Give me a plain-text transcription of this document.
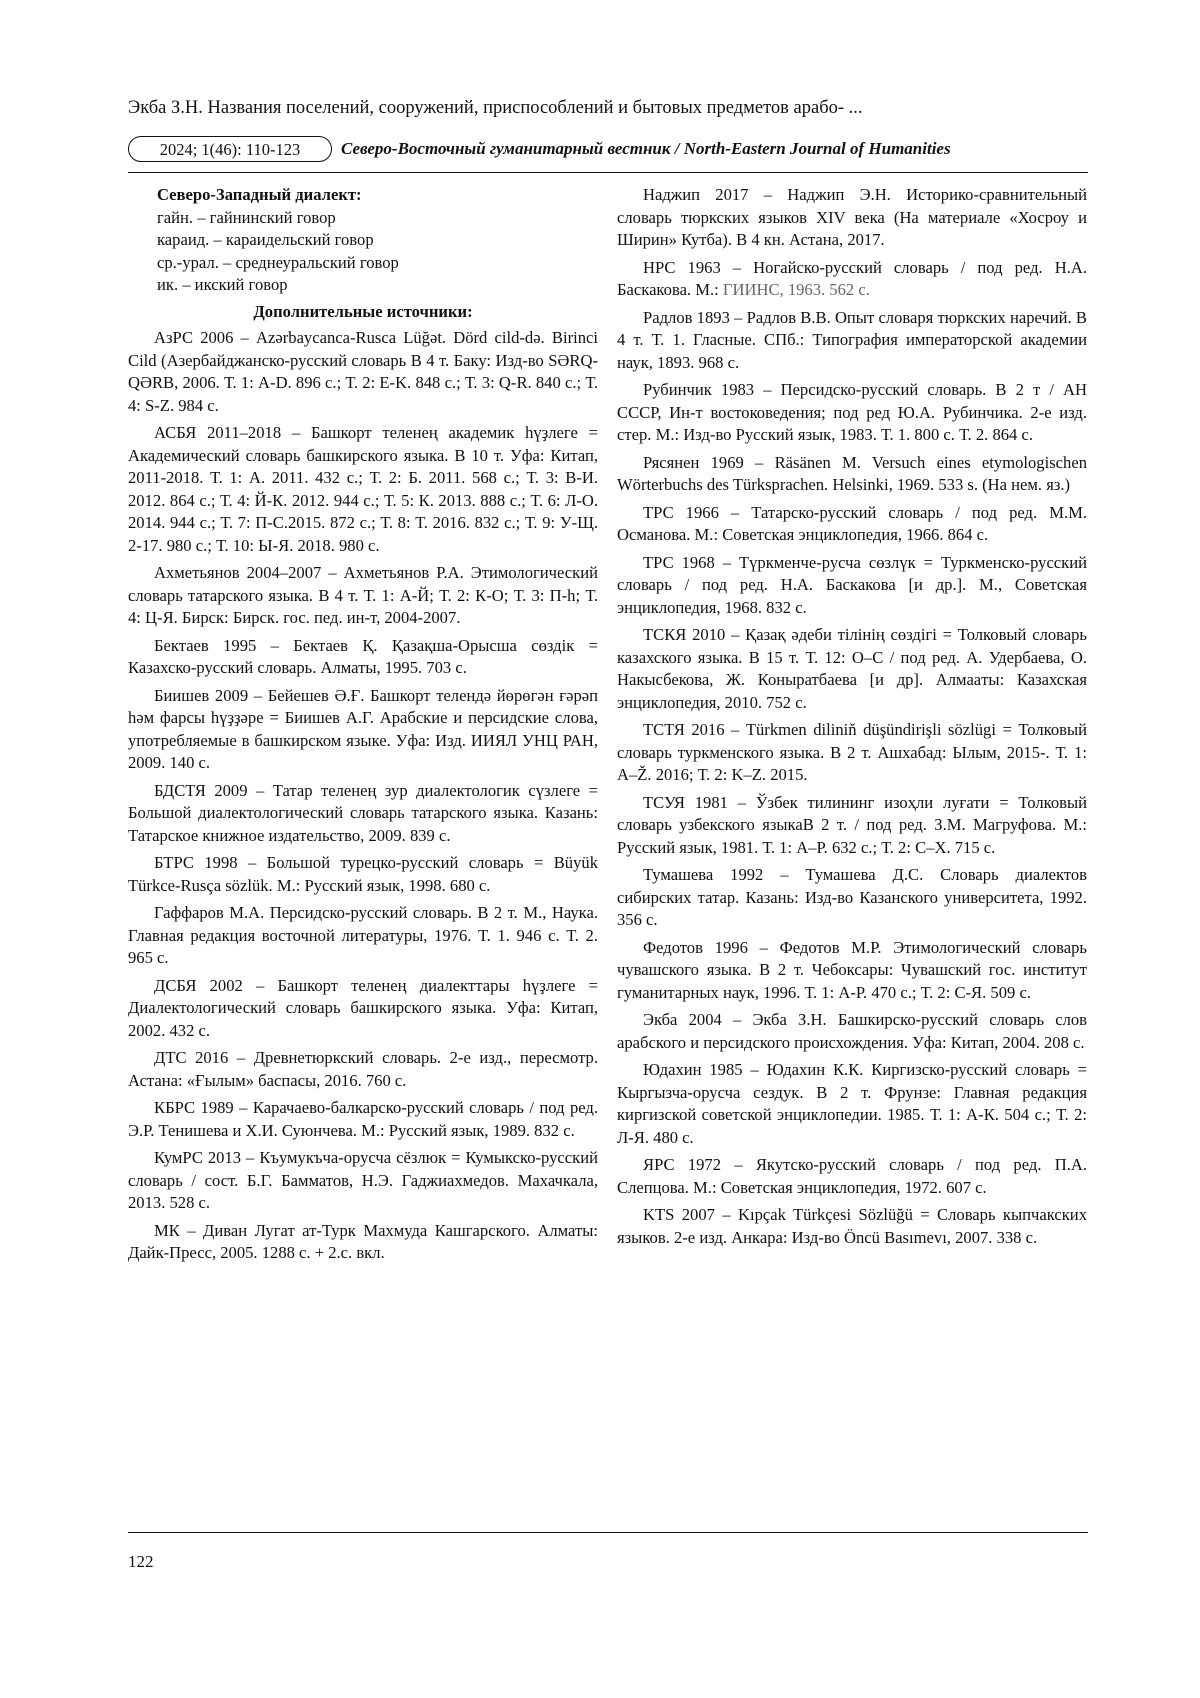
Экба З.Н. Названия поселений, сооружений, приспособлений и бытовых предметов арабо- ...
2024; 1(46): 110-123	Северо-Восточный гуманитарный вестник / North-Eastern Journal of Humanities
Северо-Западный диалект:
гайн. – гайнинский говор
караид. – караидельский говор
ср.-урал. – среднеуральский говор
ик. – икский говор
Дополнительные источники:

АзРС 2006 – Azərbaycanca-Rusca Lüğət. Dörd cild-də. Birinci Cild (Азербайджанско-русский словарь В 4 т. Баку: Изд-во SƏRQ-QƏRB, 2006. Т. 1: A-D. 896 с.; Т. 2: E-K. 848 с.; Т. 3: Q-R. 840 с.; Т. 4: S-Z. 984 с.

АСБЯ 2011–2018 – Башкорт теленең академик һүҙлеге = Академический словарь башкирского языка. В 10 т. Уфа: Китап, 2011-2018. Т. 1: А. 2011. 432 с.; Т. 2: Б. 2011. 568 с.; Т. 3: В-И. 2012. 864 с.; Т. 4: Й-К. 2012. 944 с.; Т. 5: К. 2013. 888 с.; Т. 6: Л-О. 2014. 944 с.; Т. 7: П-С.2015. 872 с.; Т. 8: Т. 2016. 832 с.; Т. 9: У-Щ. 2-17. 980 с.; Т. 10: Ы-Я. 2018. 980 с.

Ахметьянов 2004–2007 – Ахметьянов Р.А. Этимологический словарь татарского языка. В 4 т. Т. 1: А-Й; Т. 2: К-О; Т. 3: П-һ; Т. 4: Ц-Я. Бирск: Бирск. гос. пед. ин-т, 2004-2007.

Бектаев 1995 – Бектаев Қ. Қазақша-Орысша сөздік = Казахско-русский словарь. Алматы, 1995. 703 с.

Биишев 2009 – Бейешев Ә.Ғ. Башкорт телендә йөрөгән ғәрәп һәм фарсы һүҙҙәре = Биишев А.Г. Арабские и персидские слова, употребляемые в башкирском языке. Уфа: Изд. ИИЯЛ УНЦ РАН, 2009. 140 с.

БДСТЯ 2009 – Татар теленең зур диалектологик сүзлеге = Большой диалектологический словарь татарского языка. Казань: Татарское книжное издательство, 2009. 839 с.

БТРС 1998 – Большой турецко-русский словарь = Büyük Türkce-Rusça sözlük. М.: Русский язык, 1998. 680 с.

Гаффаров М.А. Персидско-русский словарь. В 2 т. М., Наука. Главная редакция восточной литературы, 1976. Т. 1. 946 с. Т. 2. 965 с.

ДСБЯ 2002 – Башкорт теленең диалекттары һүҙлеге = Диалектологический словарь башкирского языка. Уфа: Китап, 2002. 432 с.

ДТС 2016 – Древнетюркский словарь. 2-е изд., пересмотр. Астана: «Ғылым» баспасы, 2016. 760 с.

КБРС 1989 – Карачаево-балкарско-русский словарь / под ред. Э.Р. Тенишева и Х.И. Суюнчева. М.: Русский язык, 1989. 832 с.

КумРС 2013 – Къумукъча-орусча сёзлюк = Кумыкско-русский словарь / сост. Б.Г. Бамматов, Н.Э. Гаджиахмедов. Махачкала, 2013. 528 с.

МК – Диван Лугат ат-Турк Махмуда Кашгарского. Алматы: Дайк-Пресс, 2005. 1288 с. + 2.с. вкл.

Наджип 2017 – Наджип Э.Н. Историко-сравнительный словарь тюркских языков XIV века (На материале «Хосроу и Ширин» Кутба). В 4 кн. Астана, 2017.

НРС 1963 – Ногайско-русский словарь / под ред. Н.А. Баскакова. М.: ГИИНС, 1963. 562 с.

Радлов 1893 – Радлов В.В. Опыт словаря тюркских наречий. В 4 т. Т. 1. Гласные. СПб.: Типография императорской академии наук, 1893. 968 с.

Рубинчик 1983 – Персидско-русский словарь. В 2 т / АН СССР, Ин-т востоковедения; под ред Ю.А. Рубинчика. 2-е изд. стер. М.: Изд-во Русский язык, 1983. Т. 1. 800 с. Т. 2. 864 с.

Рясянен 1969 – Räsänen M. Versuch eines etymologischen Wörterbuchs des Türksprachen. Helsinki, 1969. 533 s. (На нем. яз.)

ТРС 1966 – Татарско-русский словарь / под ред. М.М. Османова. М.: Советская энциклопедия, 1966. 864 с.

ТРС 1968 – Түркменче-русча сөзлүк = Туркменско-русский словарь / под ред. Н.А. Баскакова [и др.]. М., Советская энциклопедия, 1968. 832 с.

ТСКЯ 2010 – Қазақ әдеби тілінің сөздігі = Толковый словарь казахского языка. В 15 т. Т. 12: О–С / под ред. А. Удербаева, О. Накысбекова, Ж. Коныратбаева [и др]. Алмаaты: Казахская энциклопедия, 2010. 752 с.

ТСТЯ 2016 – Türkmen diliniň düşündirişli sözlügi = Толковый словарь туркменского языка. В 2 т. Ашхабад: Ылым, 2015-. Т. 1: A–Ž. 2016; Т. 2: K–Z. 2015.

ТСУЯ 1981 – Ўзбек тилининг изоҳли луғати = Толковый словарь узбекского языкаВ 2 т. / под ред. З.М. Магруфова. М.: Русский язык, 1981. Т. 1: А–Р. 632 с.; Т. 2: С–Х. 715 с.

Тумашева 1992 – Тумашева Д.С. Словарь диалектов сибирских татар. Казань: Изд-во Казанского университета, 1992. 356 с.

Федотов 1996 – Федотов М.Р. Этимологический словарь чувашского языка. В 2 т. Чебоксары: Чувашский гос. институт гуманитарных наук, 1996. Т. 1: А-Р. 470 с.; Т. 2: С-Я. 509 с.

Экба 2004 – Экба З.Н. Башкирско-русский словарь слов арабского и персидского происхождения. Уфа: Китап, 2004. 208 с.

Юдахин 1985 – Юдахин К.К. Киргизско-русский словарь = Кыргызча-орусча сездук. В 2 т. Фрунзе: Главная редакция киргизской советской энциклопедии. 1985. Т. 1: А-К. 504 с.; Т. 2: Л-Я. 480 с.

ЯРС 1972 – Якутско-русский словарь / под ред. П.А. Слепцова. М.: Советская энциклопедия, 1972. 607 с.

KTS 2007 – Kıpçak Türkçesi Sözlüğü = Словарь кыпчакских языков. 2-е изд. Анкара: Изд-во Öncü Basımevı, 2007. 338 с.

122
